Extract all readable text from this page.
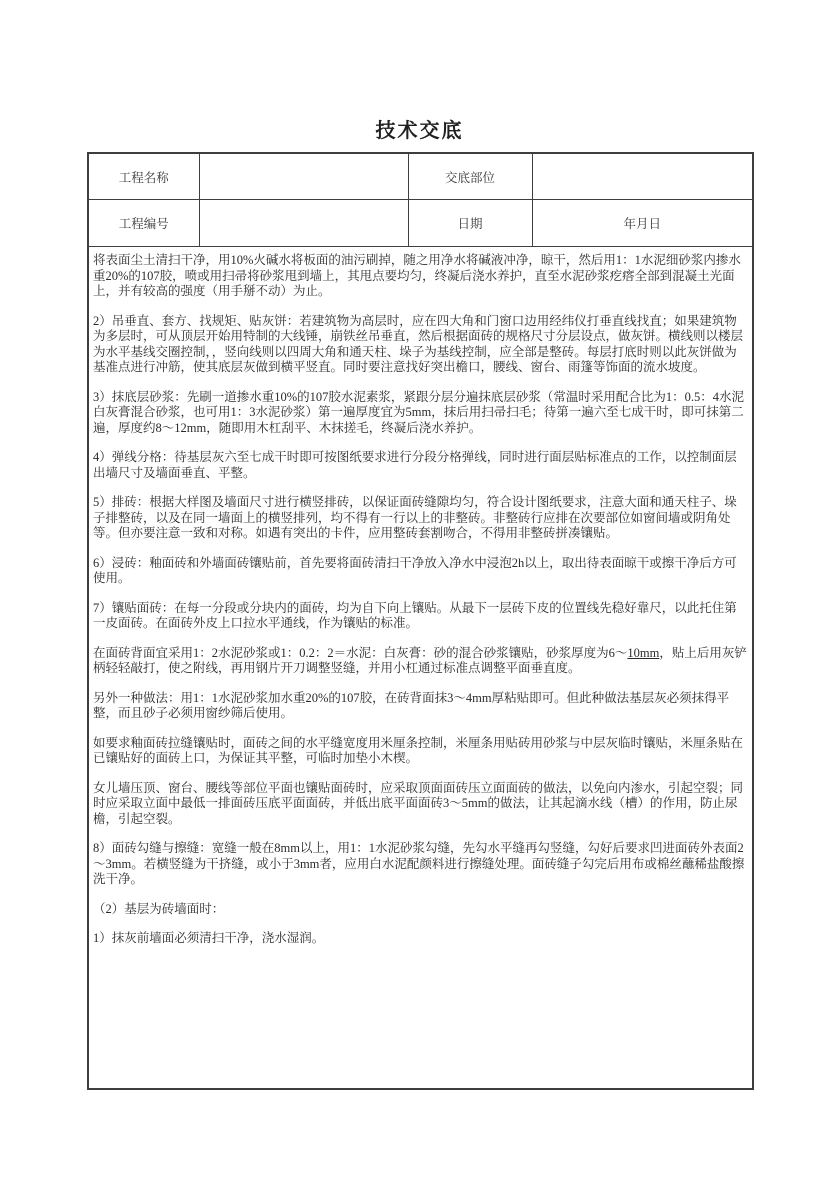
技术交底
工程名称		交底部位	
工程编号		日期	年月日

将表面尘土清扫干净，用10%火碱水将板面的油污刷掉，随之用净水将碱液冲净，晾干，然后用1：1水泥细砂浆内掺水重20%的107胶，喷或用扫帚将砂浆甩到墙上，其甩点要均匀，终凝后浇水养护，直至水泥砂浆疙瘩全部到混凝土光面上，并有较高的强度（用手掰不动）为止。

2）吊垂直、套方、找规矩、贴灰饼：若建筑物为高层时，应在四大角和门窗口边用经纬仪打垂直线找直；如果建筑物为多层时，可从顶层开始用特制的大线锤，崩铁丝吊垂直，然后根据面砖的规格尺寸分层设点，做灰饼。横线则以楼层为水平基线交圈控制，，竖向线则以四周大角和通天柱、垛子为基线控制，应全部是整砖。每层打底时则以此灰饼做为基准点进行冲筋，使其底层灰做到横平竖直。同时要注意找好突出檐口，腰线、窗台、雨篷等饰面的流水坡度。

3）抹底层砂浆：先刷一道掺水重10%的107胶水泥素浆，紧跟分层分遍抹底层砂浆（常温时采用配合比为1：0.5：4水泥白灰膏混合砂浆，也可用1：3水泥砂浆）第一遍厚度宜为5mm，抹后用扫帚扫毛；待第一遍六至七成干时，即可抹第二遍，厚度约8～12mm，随即用木杠刮平、木抹搓毛，终凝后浇水养护。

4）弹线分格：待基层灰六至七成干时即可按图纸要求进行分段分格弹线，同时进行面层贴标准点的工作，以控制面层出墙尺寸及墙面垂直、平整。

5）排砖：根据大样图及墙面尺寸进行横竖排砖，以保证面砖缝隙均匀，符合设计图纸要求，注意大面和通天柱子、垛子排整砖，以及在同一墙面上的横竖排列，均不得有一行以上的非整砖。非整砖行应排在次要部位如窗间墙或阴角处等。但亦要注意一致和对称。如遇有突出的卡件，应用整砖套割吻合，不得用非整砖拼凑镶贴。

6）浸砖：釉面砖和外墙面砖镶贴前，首先要将面砖清扫干净放入净水中浸泡2h以上，取出待表面晾干或擦干净后方可使用。

7）镶贴面砖：在每一分段或分块内的面砖，均为自下向上镶贴。从最下一层砖下皮的位置线先稳好靠尺，以此托住第一皮面砖。在面砖外皮上口拉水平通线，作为镶贴的标准。

在面砖背面宜采用1：2水泥砂浆或1：0.2：2＝水泥：白灰膏：砂的混合砂浆镶贴，砂浆厚度为6～10mm，贴上后用灰铲柄轻轻敲打，使之附线，再用钢片开刀调整竖缝，并用小杠通过标准点调整平面垂直度。

另外一种做法：用1：1水泥砂浆加水重20%的107胶，在砖背面抹3～4mm厚粘贴即可。但此种做法基层灰必须抹得平整，而且砂子必须用窗纱筛后使用。

如要求釉面砖拉缝镶贴时，面砖之间的水平缝宽度用米厘条控制，米厘条用贴砖用砂浆与中层灰临时镶贴，米厘条贴在已镶贴好的面砖上口，为保证其平整，可临时加垫小木楔。

女儿墙压顶、窗台、腰线等部位平面也镶贴面砖时，应采取顶面面砖压立面面砖的做法，以免向内渗水，引起空裂；同时应采取立面中最低一排面砖压底平面面砖，并低出底平面面砖3～5mm的做法，让其起滴水线（槽）的作用，防止尿檐，引起空裂。

8）面砖勾缝与擦缝：宽缝一般在8mm以上，用1：1水泥砂浆勾缝，先勾水平缝再勾竖缝，勾好后要求凹进面砖外表面2～3mm。若横竖缝为干挤缝，或小于3mm者，应用白水泥配颜料进行擦缝处理。面砖缝子勾完后用布或棉丝蘸稀盐酸擦洗干净。

（2）基层为砖墙面时：

1）抹灰前墙面必须清扫干净，浇水湿润。
